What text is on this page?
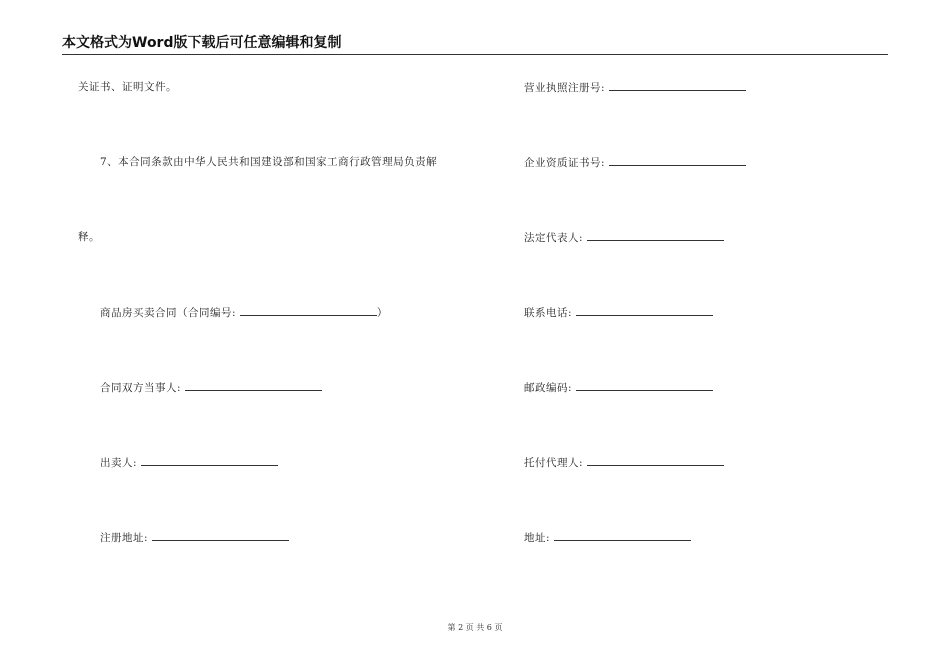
本文格式为Word版下载后可任意编辑和复制
关证书、证明文件。
7、本合同条款由中华人民共和国建设部和国家工商行政管理局负责解
释。
商品房买卖合同（合同编号:	）
合同双方当事人:
出卖人:
注册地址:
营业执照注册号:
企业资质证书号:
法定代表人:
联系电话:
邮政编码:
托付代理人:
地址:
第 2 页 共 6 页
